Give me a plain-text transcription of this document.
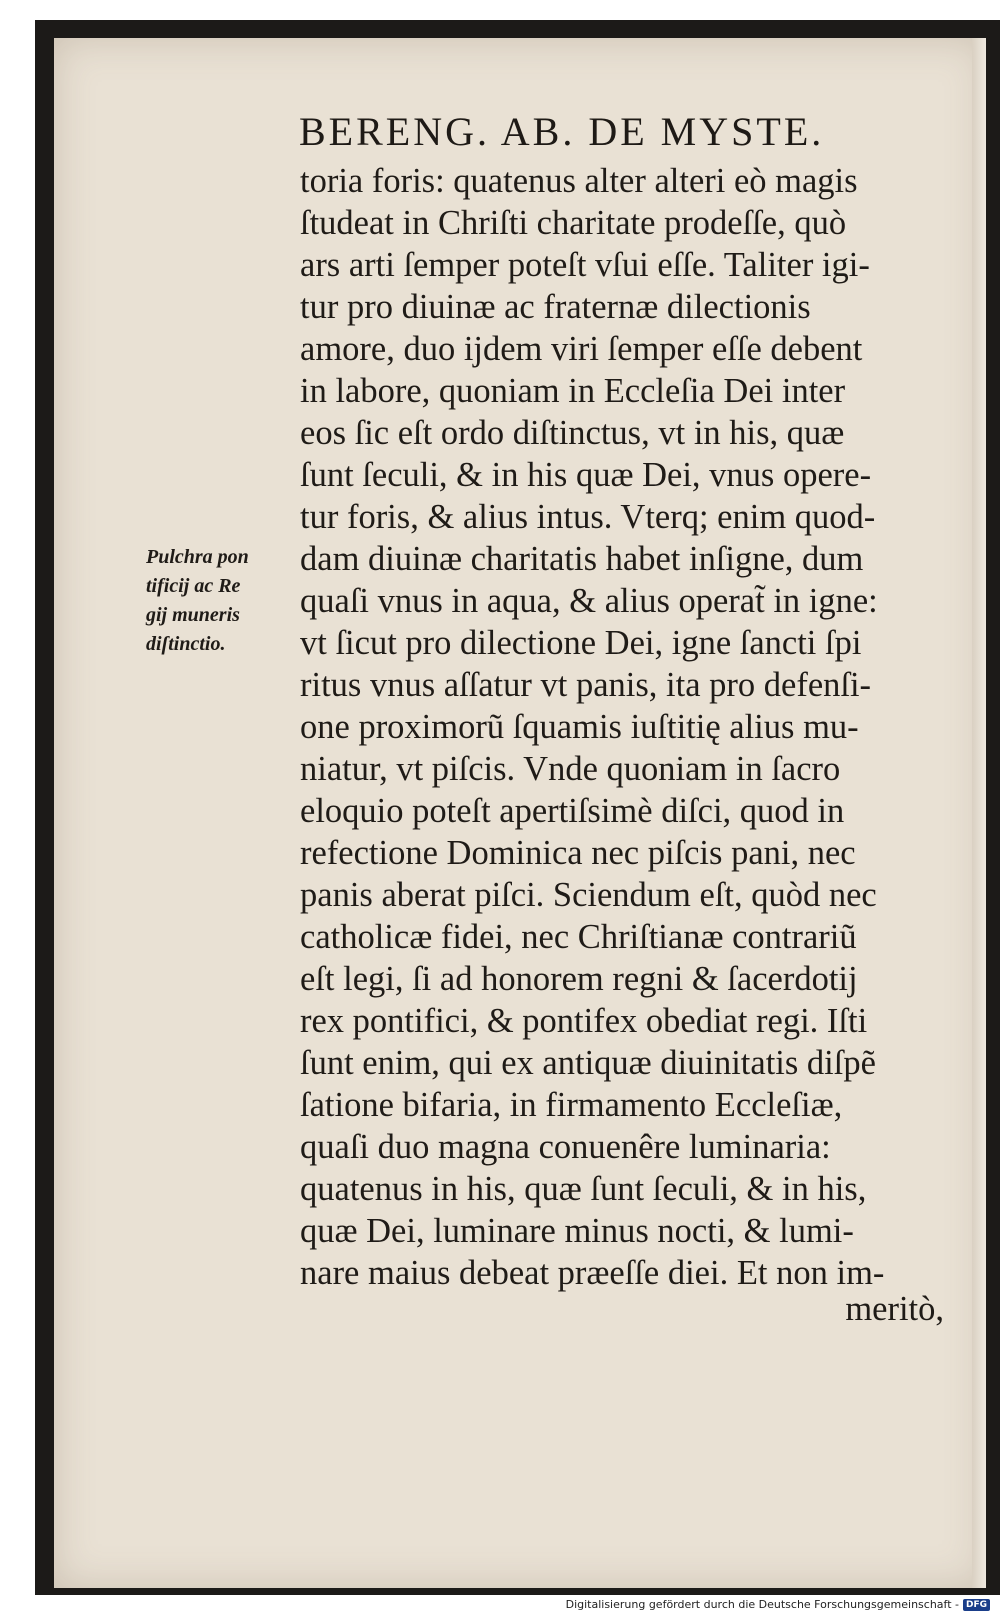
BERENG. AB. DE MYSTE.
toria foris: quatenus alter alteri eò magis
ſtudeat in Chriſti charitate prodeſſe, quò
ars arti ſemper poteſt vſui eſſe. Taliter igi-
tur pro diuinæ ac fraternæ dilectionis
amore, duo ijdem viri ſemper eſſe debent
in labore, quoniam in Eccleſia Dei inter
eos ſic eſt ordo diſtinctus, vt in his, quæ
ſunt ſeculi, & in his quæ Dei, vnus opere-
tur foris, & alius intus. Vterq; enim quod-
dam diuinæ charitatis habet inſigne, dum
quaſi vnus in aqua, & alius operat̃ in igne:
vt ſicut pro dilectione Dei, igne ſancti ſpi
ritus vnus aſſatur vt panis, ita pro defenſi-
one proximorũ ſquamis iuſtitię alius mu-
niatur, vt piſcis. Vnde quoniam in ſacro
eloquio poteſt apertiſsimè diſci, quod in
refectione Dominica nec piſcis pani, nec
panis aberat piſci. Sciendum eſt, quòd nec
catholicæ fidei, nec Chriſtianæ contrariũ
eſt legi, ſi ad honorem regni & ſacerdotij
rex pontifici, & pontifex obediat regi. Iſti
ſunt enim, qui ex antiquæ diuinitatis diſpẽ
ſatione bifaria, in firmamento Eccleſiæ,
quaſi duo magna conuenêre luminaria:
quatenus in his, quæ ſunt ſeculi, & in his,
quæ Dei, luminare minus nocti, & lumi-
nare maius debeat præeſſe diei. Et non im-
meritò,
Pulchra pon
tificij ac Re
gij muneris
diſtinctio.
Digitalisierung gefördert durch die Deutsche Forschungsgemeinschaft - DFG
